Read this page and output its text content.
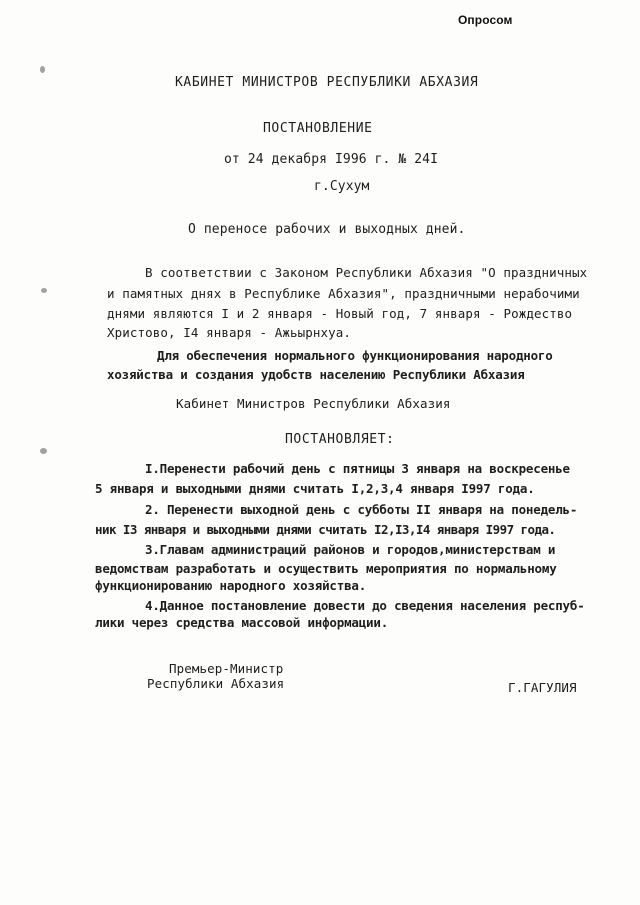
Опросом
КАБИНЕТ МИНИСТРОВ РЕСПУБЛИКИ АБХАЗИЯ
ПОСТАНОВЛЕНИЕ
от 24 декабря I996 г. № 24I
г.Сухум
О переносе рабочих и выходных дней.
В соответствии с Законом Республики Абхазия "О праздничных
и памятных днях в Республике Абхазия", праздничными нерабочими
днями являются I и 2 января - Новый год, 7 января - Рождество
Христово, I4 января - Ажьырнхуа.
Для обеспечения нормального функционирования народного
хозяйства и создания удобств населению Республики Абхазия
Кабинет Министров Республики Абхазия
ПОСТАНОВЛЯЕТ:
I.Перенести рабочий день с пятницы 3 января на воскресенье
5 января и выходными днями считать I,2,3,4 января I997 года.
2. Перенести выходной день с субботы II января на понедель-
ник I3 января и выходными днями считать I2,I3,I4 января I997 года.
3.Главам администраций районов и городов,министерствам и
ведомствам разработать и осуществить мероприятия по нормальному
функционированию народного хозяйства.
4.Данное постановление довести до сведения населения респуб-
лики через средства массовой информации.
Премьер-Министр
Республики Абхазия	Г.ГАГУЛИЯ
